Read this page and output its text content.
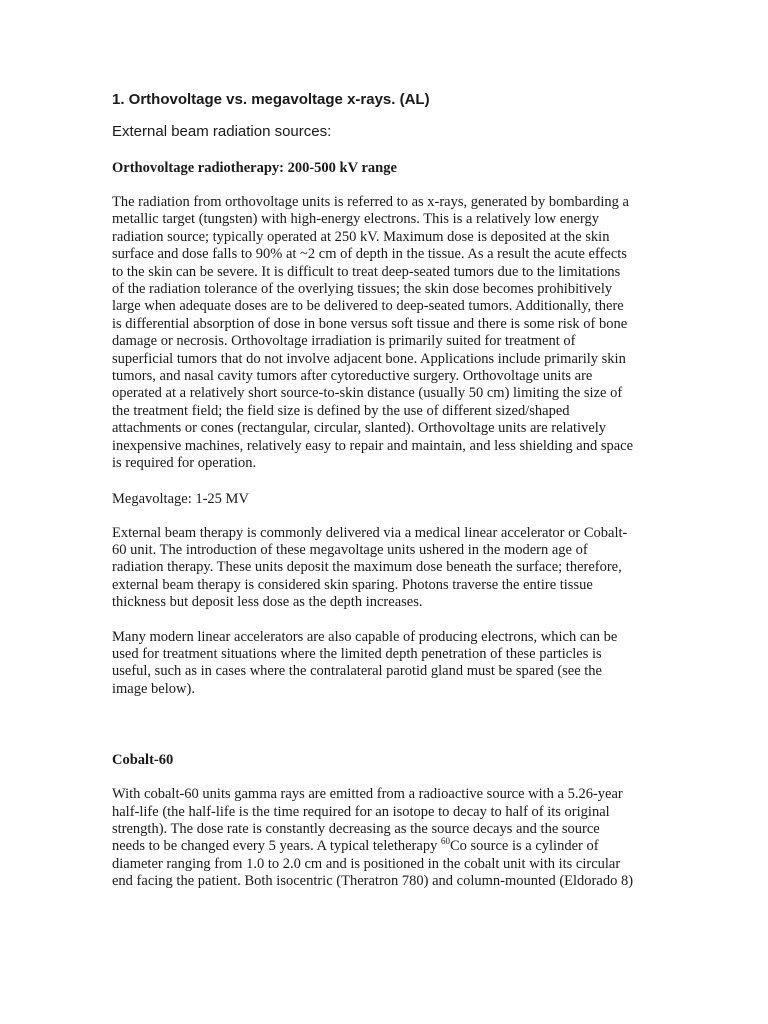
1. Orthovoltage vs. megavoltage x-rays. (AL)
External beam radiation sources:
Orthovoltage radiotherapy: 200-500 kV range
The radiation from orthovoltage units is referred to as x-rays, generated by bombarding a
metallic target (tungsten) with high-energy electrons. This is a relatively low energy
radiation source; typically operated at 250 kV. Maximum dose is deposited at the skin
surface and dose falls to 90% at ~2 cm of depth in the tissue. As a result the acute effects
to the skin can be severe. It is difficult to treat deep-seated tumors due to the limitations
of the radiation tolerance of the overlying tissues; the skin dose becomes prohibitively
large when adequate doses are to be delivered to deep-seated tumors. Additionally, there
is differential absorption of dose in bone versus soft tissue and there is some risk of bone
damage or necrosis. Orthovoltage irradiation is primarily suited for treatment of
superficial tumors that do not involve adjacent bone. Applications include primarily skin
tumors, and nasal cavity tumors after cytoreductive surgery. Orthovoltage units are
operated at a relatively short source-to-skin distance (usually 50 cm) limiting the size of
the treatment field; the field size is defined by the use of different sized/shaped
attachments or cones (rectangular, circular, slanted). Orthovoltage units are relatively
inexpensive machines, relatively easy to repair and maintain, and less shielding and space
is required for operation.
Megavoltage: 1-25 MV
External beam therapy is commonly delivered via a medical linear accelerator or Cobalt-
60 unit. The introduction of these megavoltage units ushered in the modern age of
radiation therapy. These units deposit the maximum dose beneath the surface; therefore,
external beam therapy is considered skin sparing. Photons traverse the entire tissue
thickness but deposit less dose as the depth increases.
Many modern linear accelerators are also capable of producing electrons, which can be
used for treatment situations where the limited depth penetration of these particles is
useful, such as in cases where the contralateral parotid gland must be spared (see the
image below).
Cobalt-60
With cobalt-60 units gamma rays are emitted from a radioactive source with a 5.26-year
half-life (the half-life is the time required for an isotope to decay to half of its original
strength). The dose rate is constantly decreasing as the source decays and the source
needs to be changed every 5 years. A typical teletherapy $^{60}$Co source is a cylinder of
diameter ranging from 1.0 to 2.0 cm and is positioned in the cobalt unit with its circular
end facing the patient. Both isocentric (Theratron 780) and column-mounted (Eldorado 8)
